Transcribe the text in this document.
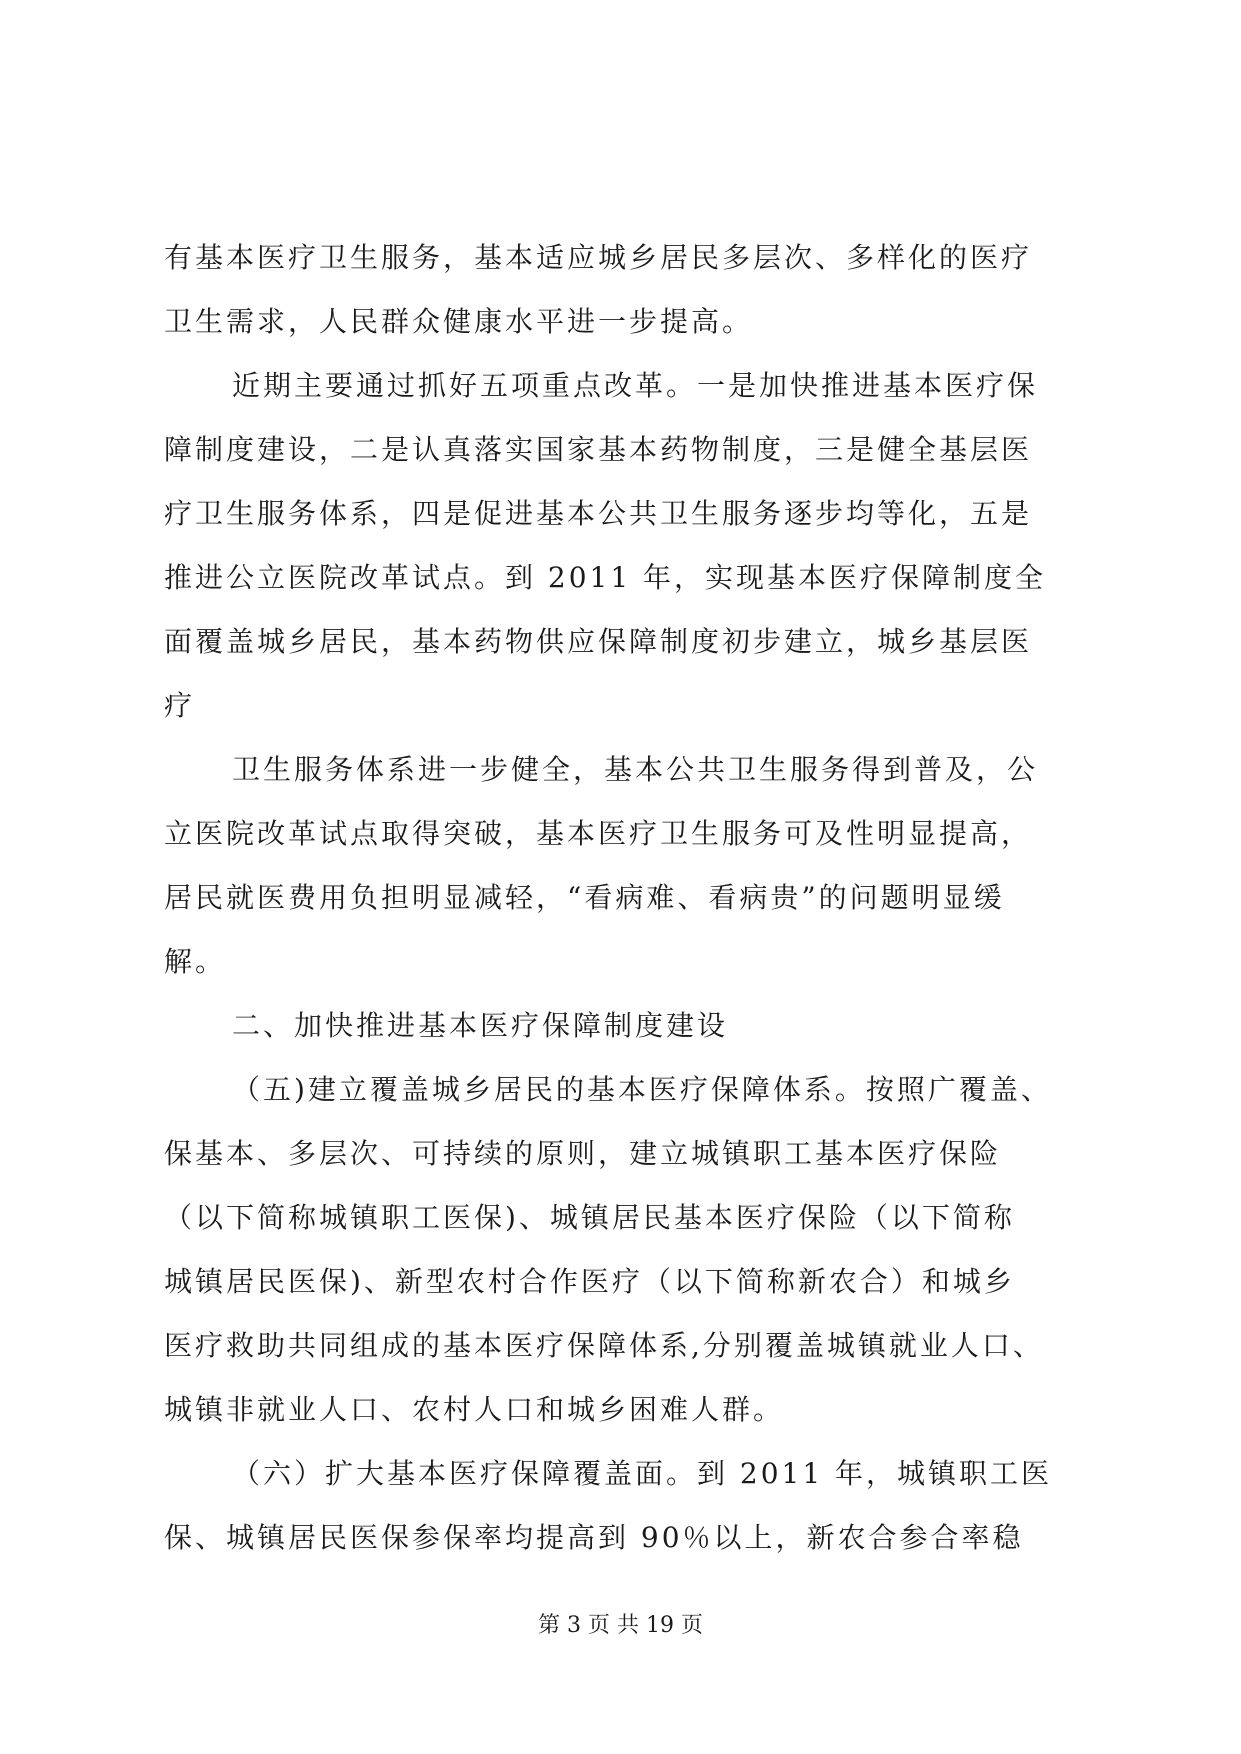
有基本医疗卫生服务，基本适应城乡居民多层次、多样化的医疗
卫生需求，人民群众健康水平进一步提高。
近期主要通过抓好五项重点改革。一是加快推进基本医疗保
障制度建设，二是认真落实国家基本药物制度，三是健全基层医
疗卫生服务体系，四是促进基本公共卫生服务逐步均等化，五是
推进公立医院改革试点。到 2011 年，实现基本医疗保障制度全
面覆盖城乡居民，基本药物供应保障制度初步建立，城乡基层医
疗
卫生服务体系进一步健全，基本公共卫生服务得到普及，公
立医院改革试点取得突破，基本医疗卫生服务可及性明显提高，
居民就医费用负担明显减轻，“看病难、看病贵”的问题明显缓
解。
二、加快推进基本医疗保障制度建设
（五)建立覆盖城乡居民的基本医疗保障体系。按照广覆盖、
保基本、多层次、可持续的原则，建立城镇职工基本医疗保险
（以下简称城镇职工医保)、城镇居民基本医疗保险（以下简称
城镇居民医保)、新型农村合作医疗（以下简称新农合）和城乡
医疗救助共同组成的基本医疗保障体系,分别覆盖城镇就业人口、
城镇非就业人口、农村人口和城乡困难人群。
（六）扩大基本医疗保障覆盖面。到 2011 年，城镇职工医
保、城镇居民医保参保率均提高到 90％以上，新农合参合率稳
第 3 页 共 19 页
